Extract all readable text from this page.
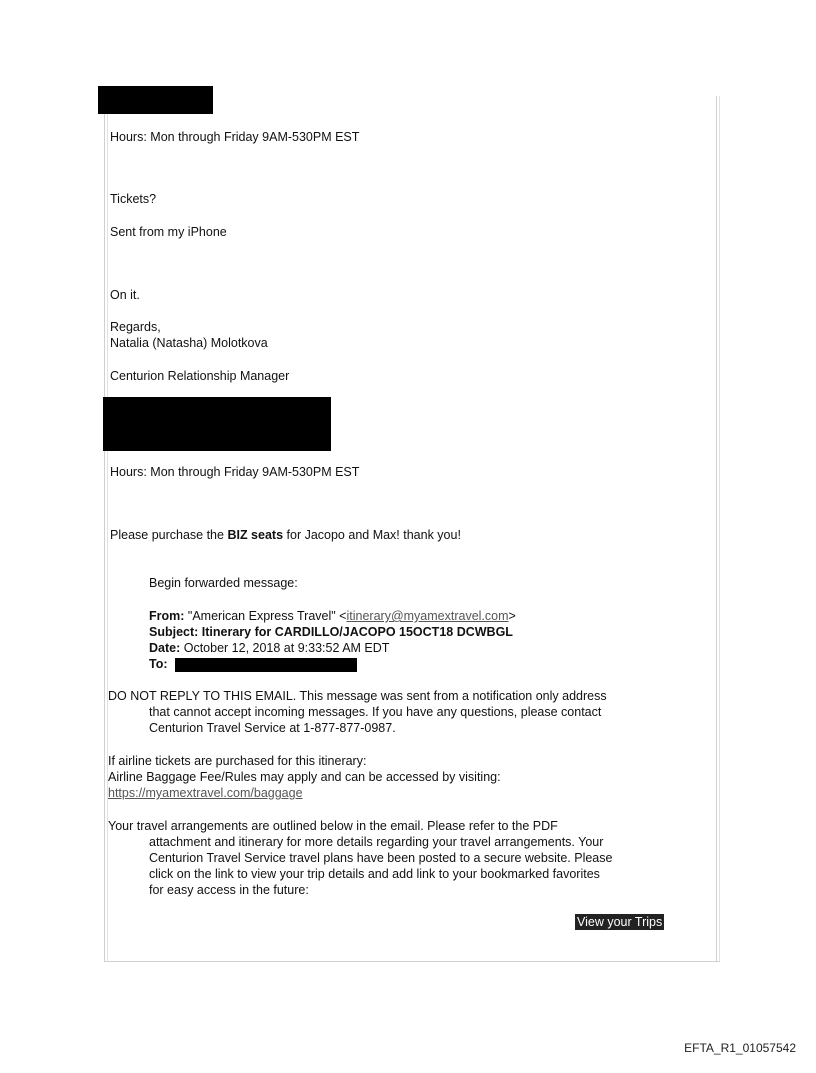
Hours: Mon through Friday 9AM-530PM EST
Tickets?
Sent from my iPhone
On it.
Regards,
Natalia (Natasha) Molotkova
Centurion Relationship Manager
Hours: Mon through Friday 9AM-530PM EST
Please purchase the BIZ seats for Jacopo and Max! thank you!
Begin forwarded message:
From: "American Express Travel" <itinerary@myamextravel.com>
Subject: Itinerary for CARDILLO/JACOPO 15OCT18 DCWBGL
Date: October 12, 2018 at 9:33:52 AM EDT
To:
DO NOT REPLY TO THIS EMAIL. This message was sent from a notification only address
that cannot accept incoming messages. If you have any questions, please contact
Centurion Travel Service at 1-877-877-0987.
If airline tickets are purchased for this itinerary:
Airline Baggage Fee/Rules may apply and can be accessed by visiting:
https://myamextravel.com/baggage
Your travel arrangements are outlined below in the email. Please refer to the PDF
attachment and itinerary for more details regarding your travel arrangements. Your
Centurion Travel Service travel plans have been posted to a secure website. Please
click on the link to view your trip details and add link to your bookmarked favorites
for easy access in the future:
View your Trips
EFTA_R1_01057542
